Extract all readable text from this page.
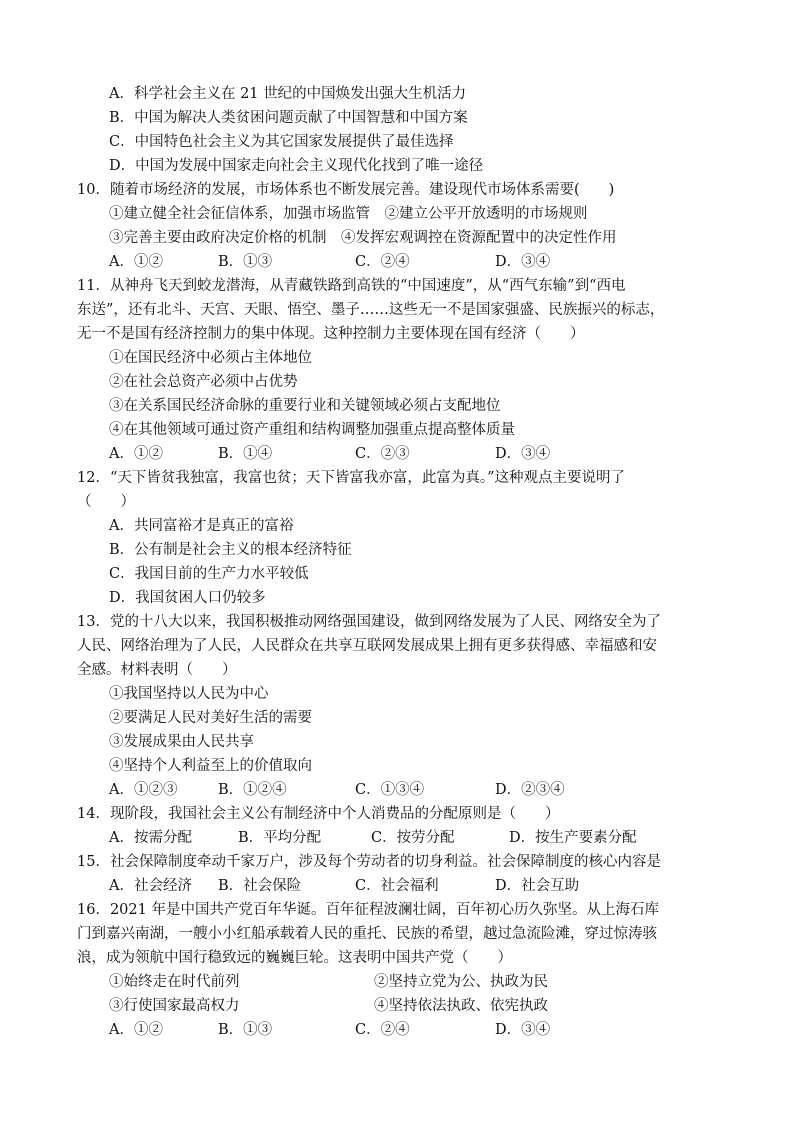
A．科学社会主义在 21 世纪的中国焕发出强大生机活力
B．中国为解决人类贫困问题贡献了中国智慧和中国方案
C．中国特色社会主义为其它国家发展提供了最佳选择
D．中国为发展中国家走向社会主义现代化找到了唯一途径
10．随着市场经济的发展，市场体系也不断发展完善。建设现代市场体系需要(　　)
①建立健全社会征信体系，加强市场监管　②建立公平开放透明的市场规则
③完善主要由政府决定价格的机制　④发挥宏观调控在资源配置中的决定性作用
A．①②	B．①③	C．②④	D．③④
11．从神舟飞天到蛟龙潜海，从青藏铁路到高铁的“中国速度”，从“西气东输”到“西电
东送”，还有北斗、天宫、天眼、悟空、墨子……这些无一不是国家强盛、民族振兴的标志，
无一不是国有经济控制力的集中体现。这种控制力主要体现在国有经济（　　）
①在国民经济中必须占主体地位
②在社会总资产必须中占优势
③在关系国民经济命脉的重要行业和关键领域必须占支配地位
④在其他领域可通过资产重组和结构调整加强重点提高整体质量
A．①②	B．①④	C．②③	D．③④
12．“天下皆贫我独富，我富也贫；天下皆富我亦富，此富为真。”这种观点主要说明了
（　　）
A．共同富裕才是真正的富裕
B．公有制是社会主义的根本经济特征
C．我国目前的生产力水平较低
D．我国贫困人口仍较多
13．党的十八大以来，我国积极推动网络强国建设，做到网络发展为了人民、网络安全为了
人民、网络治理为了人民，人民群众在共享互联网发展成果上拥有更多获得感、幸福感和安
全感。材料表明（　　）
①我国坚持以人民为中心
②要满足人民对美好生活的需要
③发展成果由人民共享
④坚持个人利益至上的价值取向
A．①②③	B．①②④	C．①③④	D．②③④
14．现阶段，我国社会主义公有制经济中个人消费品的分配原则是（　　）
A．按需分配	B．平均分配	C．按劳分配	D．按生产要素分配
15．社会保障制度牵动千家万户，涉及每个劳动者的切身利益。社会保障制度的核心内容是
A．社会经济 B．社会保险	C．社会福利	D．社会互助
16．2021 年是中国共产党百年华诞。百年征程波澜壮阔，百年初心历久弥坚。从上海石库
门到嘉兴南湖，一艘小小红船承载着人民的重托、民族的希望，越过急流险滩，穿过惊涛骇
浪，成为领航中国行稳致远的巍巍巨轮。这表明中国共产党（　　）
①始终走在时代前列	②坚持立党为公、执政为民
③行使国家最高权力	④坚持依法执政、依宪执政
A．①②	B．①③	C．②④	D．③④
